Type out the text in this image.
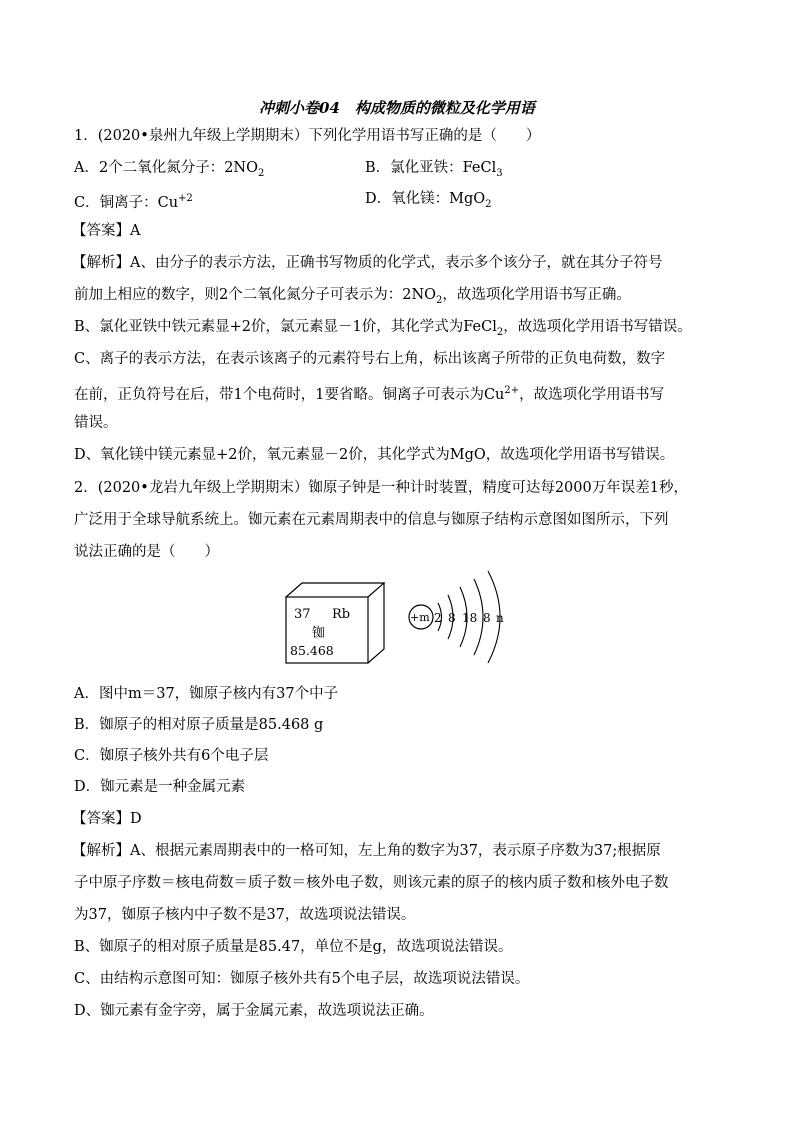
冲刺小卷04　构成物质的微粒及化学用语
1．(2020•泉州九年级上学期期末）下列化学用语书写正确的是（　　）
A．2个二氧化氮分子：$2NO_2$	B．氯化亚铁：FeCl$_3$
C．铜离子：$Cu^{+2}$	D．氧化镁：MgO$_2$
【答案】A
【解析】A、由分子的表示方法，正确书写物质的化学式，表示多个该分子，就在其分子符号
前加上相应的数字，则2个二氧化氮分子可表示为：$2NO_2$，故选项化学用语书写正确。
B、氯化亚铁中铁元素显+2价，氯元素显－1价，其化学式为FeCl$_2$，故选项化学用语书写错误。
C、离子的表示方法，在表示该离子的元素符号右上角，标出该离子所带的正负电荷数，数字
在前，正负符号在后，带1个电荷时，1要省略。铜离子可表示为$Cu^{2+}$，故选项化学用语书写
错误。
D、氧化镁中镁元素显+2价，氧元素显－2价，其化学式为MgO，故选项化学用语书写错误。
2．(2020•龙岩九年级上学期期末）铷原子钟是一种计时装置，精度可达每2000万年误差1秒，
广泛用于全球导航系统上。铷元素在元素周期表中的信息与铷原子结构示意图如图所示，下列
说法正确的是（　　）
37 Rb
铷
85.468
+m 2 8 18 8 n
A．图中m＝37，铷原子核内有37个中子
B．铷原子的相对原子质量是85.468 g
C．铷原子核外共有6个电子层
D．铷元素是一种金属元素
【答案】D
【解析】A、根据元素周期表中的一格可知，左上角的数字为37，表示原子序数为37;根据原
子中原子序数＝核电荷数＝质子数＝核外电子数，则该元素的原子的核内质子数和核外电子数
为37，铷原子核内中子数不是37，故选项说法错误。
B、铷原子的相对原子质量是85.47，单位不是g，故选项说法错误。
C、由结构示意图可知：铷原子核外共有5个电子层，故选项说法错误。
D、铷元素有金字旁，属于金属元素，故选项说法正确。
